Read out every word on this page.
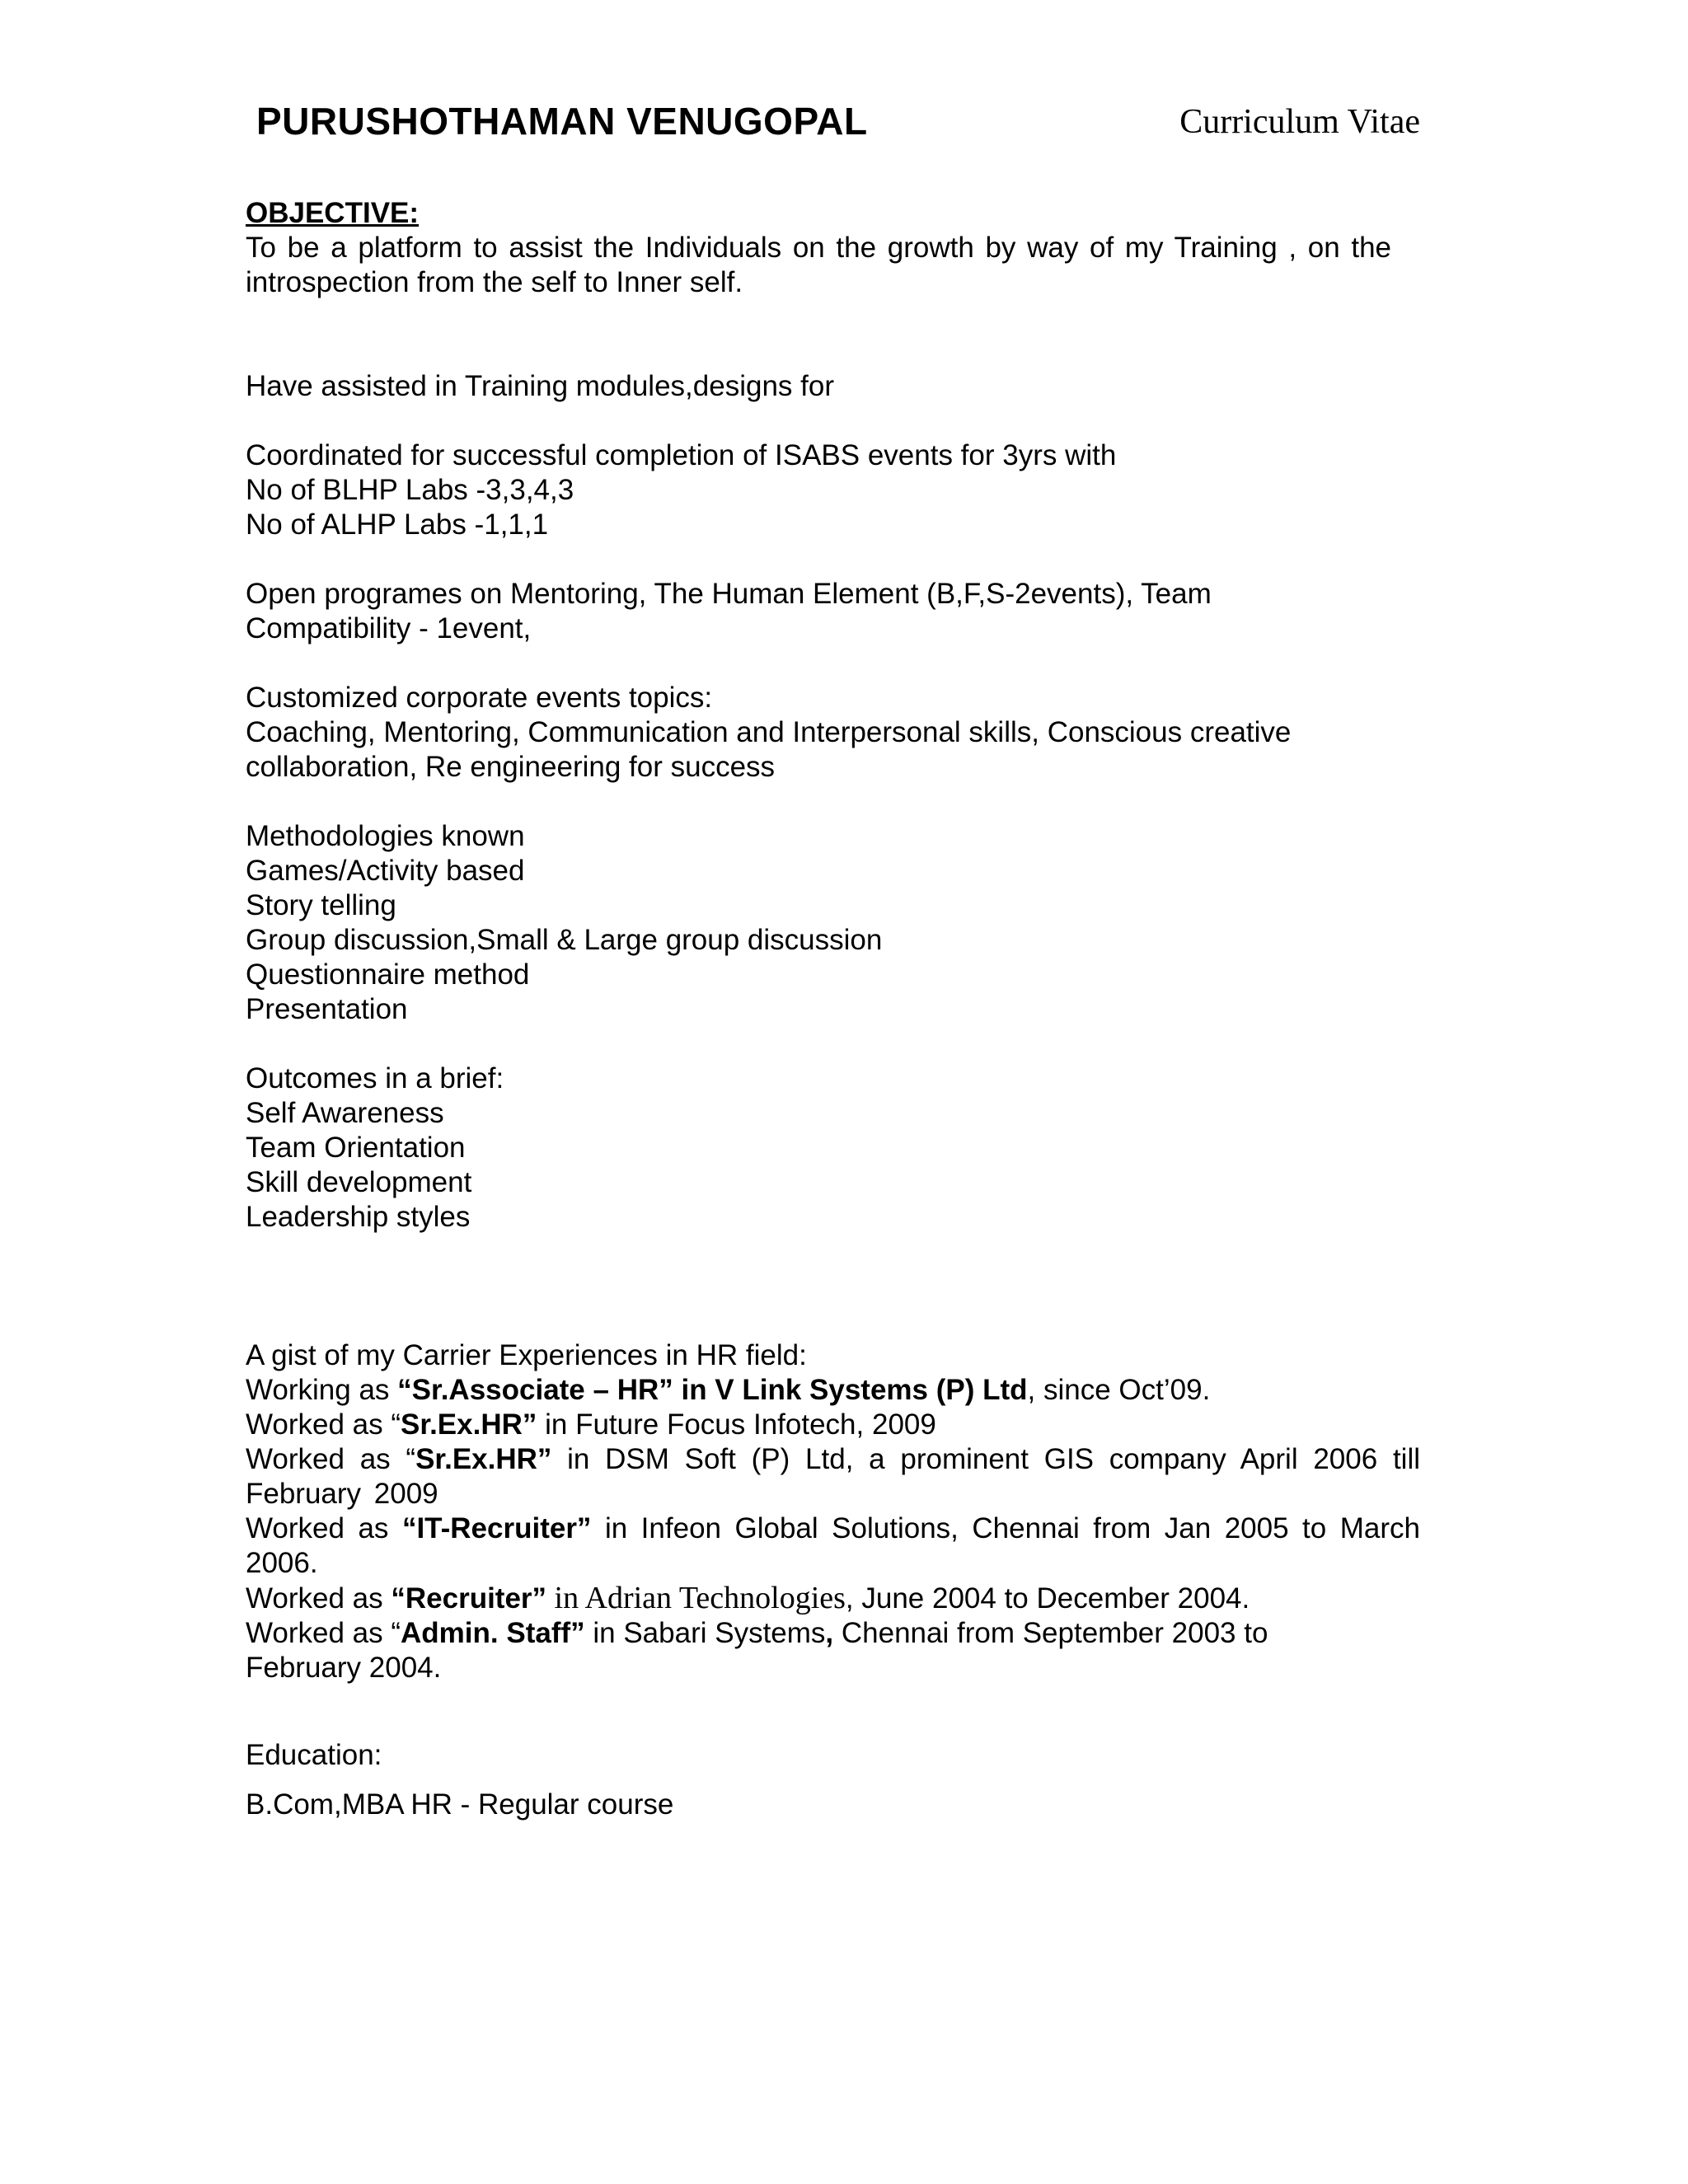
PURUSHOTHAMAN VENUGOPAL	Curriculum Vitae
OBJECTIVE:
To be a platform to assist the Individuals on the growth by way of my Training , on the introspection from the self to Inner self.
Have assisted in Training modules,designs for
Coordinated for successful completion of ISABS events for 3yrs with
No of BLHP Labs -3,3,4,3
No of ALHP Labs -1,1,1
Open programes on Mentoring, The Human Element (B,F,S-2events), Team
Compatibility - 1event,
Customized corporate events topics:
Coaching, Mentoring, Communication and Interpersonal skills, Conscious creative
collaboration, Re engineering for success
Methodologies known
Games/Activity based
Story telling
Group discussion,Small & Large group discussion
Questionnaire method
Presentation
Outcomes in a brief:
Self Awareness
Team Orientation
Skill development
Leadership styles
A gist of my Carrier Experiences in HR field:
Working as “Sr.Associate – HR” in V Link Systems (P) Ltd, since Oct’09.
Worked as “Sr.Ex.HR” in Future Focus Infotech, 2009
Worked as “Sr.Ex.HR” in DSM Soft (P) Ltd, a prominent GIS company April 2006 till February 2009
Worked as “IT-Recruiter” in Infeon Global Solutions, Chennai from Jan 2005 to March 2006.
Worked as “Recruiter” in Adrian Technologies, June 2004 to December 2004.
Worked as “Admin. Staff” in Sabari Systems, Chennai from September 2003 to
February 2004.
Education:
B.Com,MBA HR - Regular course
